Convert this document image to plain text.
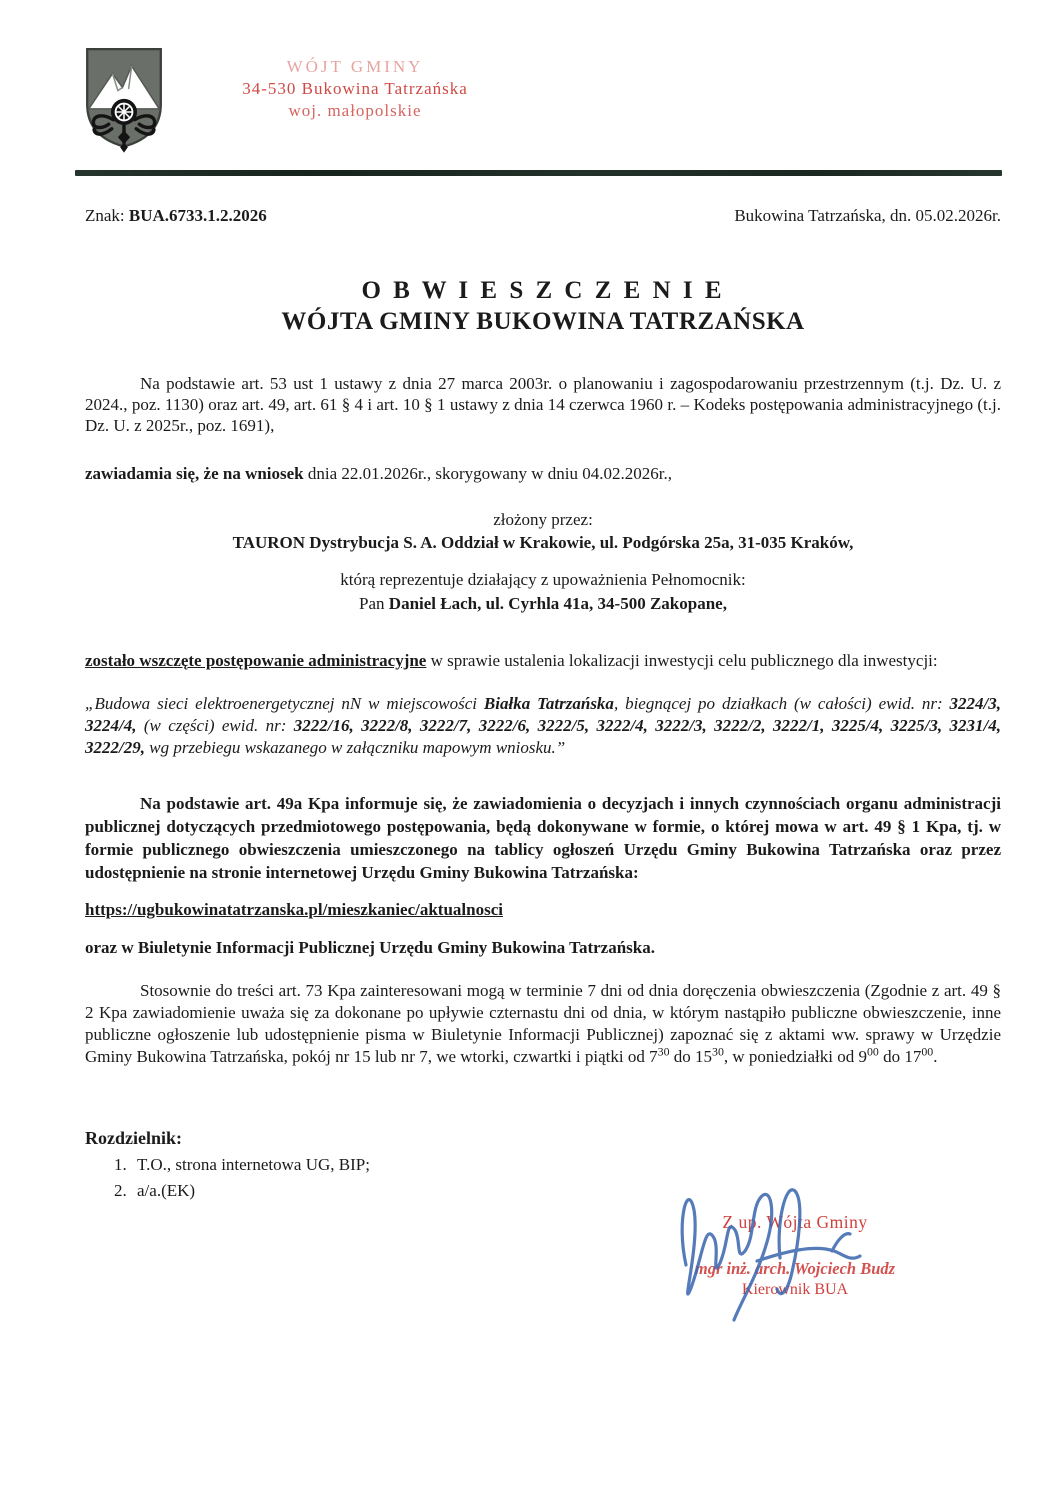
WÓJT GMINY
34-530 Bukowina Tatrzańska
woj. małopolskie
Znak: BUA.6733.1.2.2026	Bukowina Tatrzańska, dn. 05.02.2026r.
O B W I E S Z C Z E N I E
WÓJTA GMINY BUKOWINA TATRZAŃSKA

Na podstawie art. 53 ust 1 ustawy z dnia 27 marca 2003r. o planowaniu i zagospodarowaniu przestrzennym (t.j. Dz. U. z 2024., poz. 1130) oraz art. 49, art. 61 § 4 i art. 10 § 1 ustawy z dnia 14 czerwca 1960 r. – Kodeks postępowania administracyjnego (t.j. Dz. U. z 2025r., poz. 1691),

zawiadamia się, że na wniosek dnia 22.01.2026r., skorygowany w dniu 04.02.2026r.,

złożony przez:

TAURON Dystrybucja S. A. Oddział w Krakowie, ul. Podgórska 25a, 31-035 Kraków,

którą reprezentuje działający z upoważnienia Pełnomocnik:

Pan Daniel Łach, ul. Cyrhla 41a, 34-500 Zakopane,

zostało wszczęte postępowanie administracyjne w sprawie ustalenia lokalizacji inwestycji celu publicznego dla inwestycji:

„Budowa sieci elektroenergetycznej nN w miejscowości Białka Tatrzańska, biegnącej po działkach (w całości) ewid. nr: 3224/3, 3224/4, (w części) ewid. nr: 3222/16, 3222/8, 3222/7, 3222/6, 3222/5, 3222/4, 3222/3, 3222/2, 3222/1, 3225/4, 3225/3, 3231/4, 3222/29, wg przebiegu wskazanego w załączniku mapowym wniosku.”

Na podstawie art. 49a Kpa informuje się, że zawiadomienia o decyzjach i innych czynnościach organu administracji publicznej dotyczących przedmiotowego postępowania, będą dokonywane w formie, o której mowa w art. 49 § 1 Kpa, tj. w formie publicznego obwieszczenia umieszczonego na tablicy ogłoszeń Urzędu Gminy Bukowina Tatrzańska oraz przez udostępnienie na stronie internetowej Urzędu Gminy Bukowina Tatrzańska:

https://ugbukowinatatrzanska.pl/mieszkaniec/aktualnosci

oraz w Biuletynie Informacji Publicznej Urzędu Gminy Bukowina Tatrzańska.

Stosownie do treści art. 73 Kpa zainteresowani mogą w terminie 7 dni od dnia doręczenia obwieszczenia (Zgodnie z art. 49 § 2 Kpa zawiadomienie uważa się za dokonane po upływie czternastu dni od dnia, w którym nastąpiło publiczne obwieszczenie, inne publiczne ogłoszenie lub udostępnienie pisma w Biuletynie Informacji Publicznej) zapoznać się z aktami ww. sprawy w Urzędzie Gminy Bukowina Tatrzańska, pokój nr 15 lub nr 7, we wtorki, czwartki i piątki od $7^{30}$ do $15^{30}$, w poniedziałki od $9^{00}$ do $17^{00}$.

Rozdzielnik:
1. T.O., strona internetowa UG, BIP;
2. a/a.(EK)
Z up. Wójta Gminy
mgr inż. arch. Wojciech Budz
Kierownik BUA
